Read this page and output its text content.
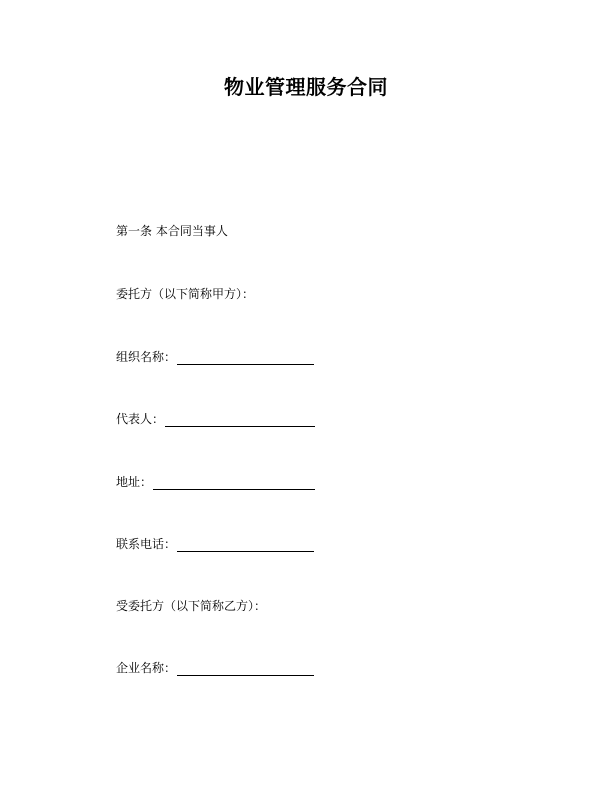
物业管理服务合同
第一条 本合同当事人
委托方（以下简称甲方）：
组织名称：
代表人：
地址：
联系电话：
受委托方（以下简称乙方）：
企业名称：
